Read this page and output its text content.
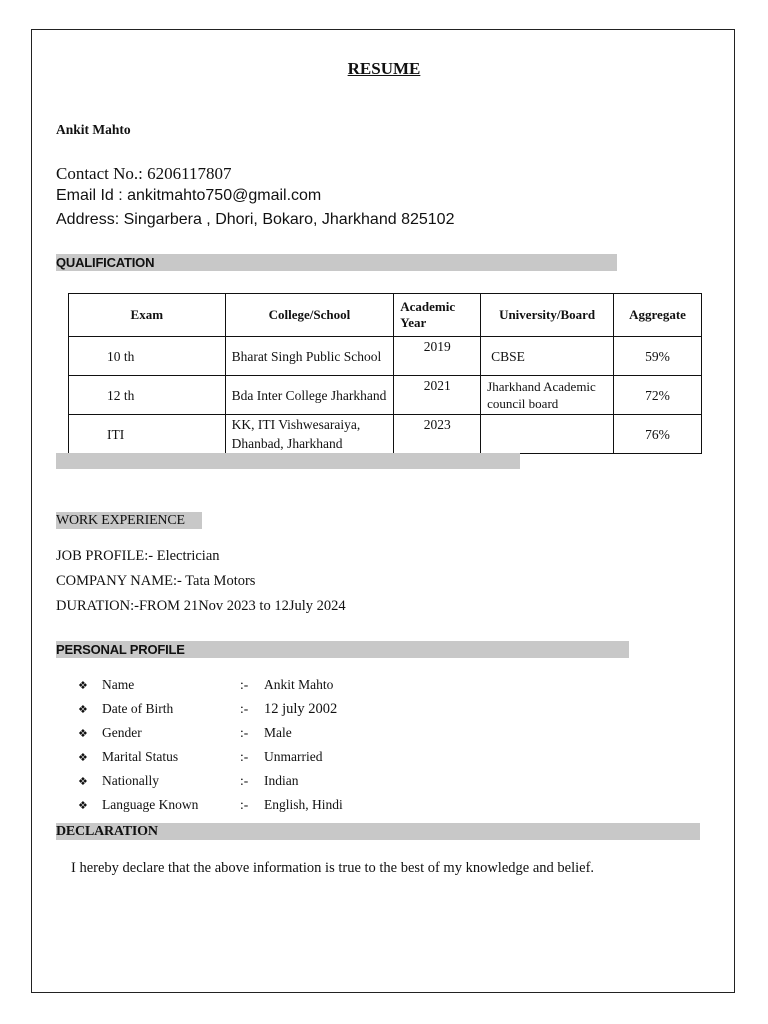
RESUME
Ankit Mahto
Contact No.: 6206117807
Email Id : ankitmahto750@gmail.com
Address: Singarbera , Dhori, Bokaro, Jharkhand 825102
QUALIFICATION
Exam	College/School	Academic Year	University/Board	Aggregate
10 th	Bharat Singh Public School	2019	CBSE	59%
12 th	Bda Inter College Jharkhand	2021	Jharkhand Academic council board	72%
ITI	KK, ITI Vishwesaraiya, Dhanbad, Jharkhand	2023		76%
WORK EXPERIENCE
JOB PROFILE:- Electrician
COMPANY NAME:- Tata Motors
DURATION:-FROM 21Nov 2023 to 12July 2024
PERSONAL PROFILE
❖ Name	:- Ankit Mahto
❖ Date of Birth	:- 12 july 2002
❖ Gender	:- Male
❖ Marital Status	:- Unmarried
❖ Nationally	:- Indian
❖ Language Known	:- English, Hindi
DECLARATION
I hereby declare that the above information is true to the best of my knowledge and belief.
